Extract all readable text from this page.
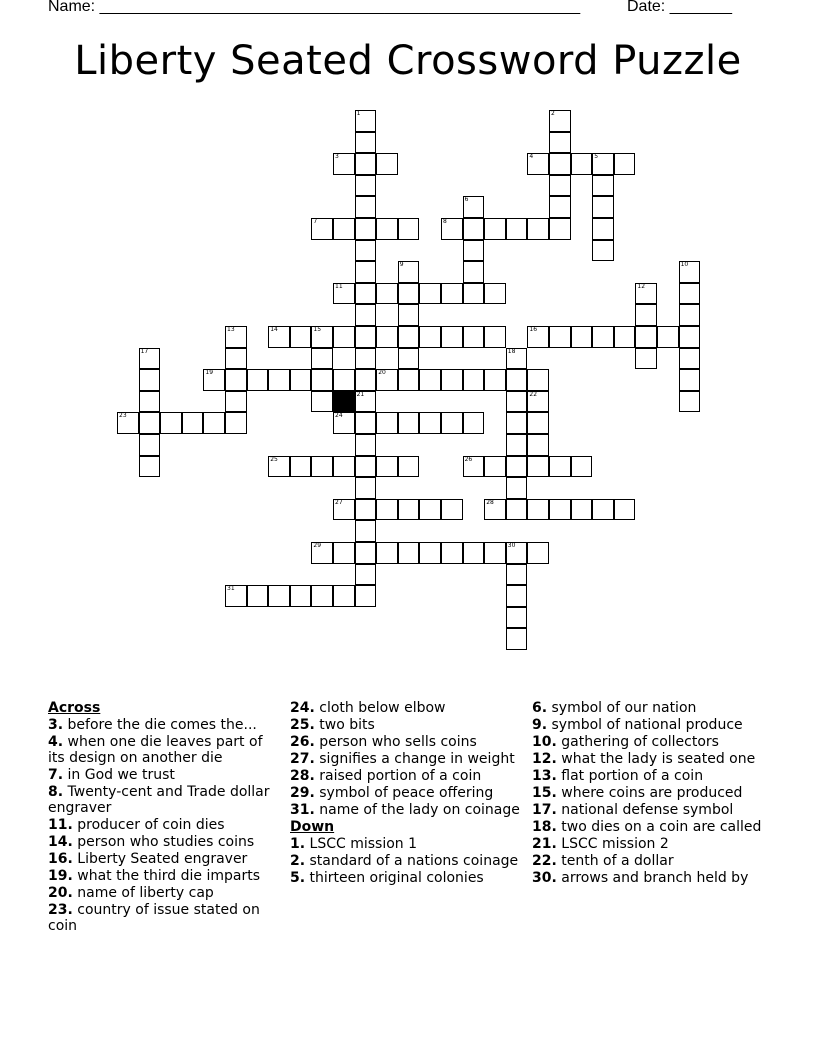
Name: ______________________________________________________	Date: _______
Liberty Seated Crossword Puzzle
3	4	5
7	8
11
14	15	16
19	20
23	24
25	26
27	28
29	30
31
1
21
2
6
9	10
12
13
17	18
22
Across
3. before the die comes the...
4. when one die leaves part of its design on another die
7. in God we trust
8. Twenty-cent and Trade dollar engraver
11. producer of coin dies
14. person who studies coins
16. Liberty Seated engraver
19. what the third die imparts
20. name of liberty cap
23. country of issue stated on coin
24. cloth below elbow
25. two bits
26. person who sells coins
27. signifies a change in weight
28. raised portion of a coin
29. symbol of peace offering
31. name of the lady on coinage
Down
1. LSCC mission 1
2. standard of a nations coinage
5. thirteen original colonies
6. symbol of our nation
9. symbol of national produce
10. gathering of collectors
12. what the lady is seated one
13. flat portion of a coin
15. where coins are produced
17. national defense symbol
18. two dies on a coin are called
21. LSCC mission 2
22. tenth of a dollar
30. arrows and branch held by
